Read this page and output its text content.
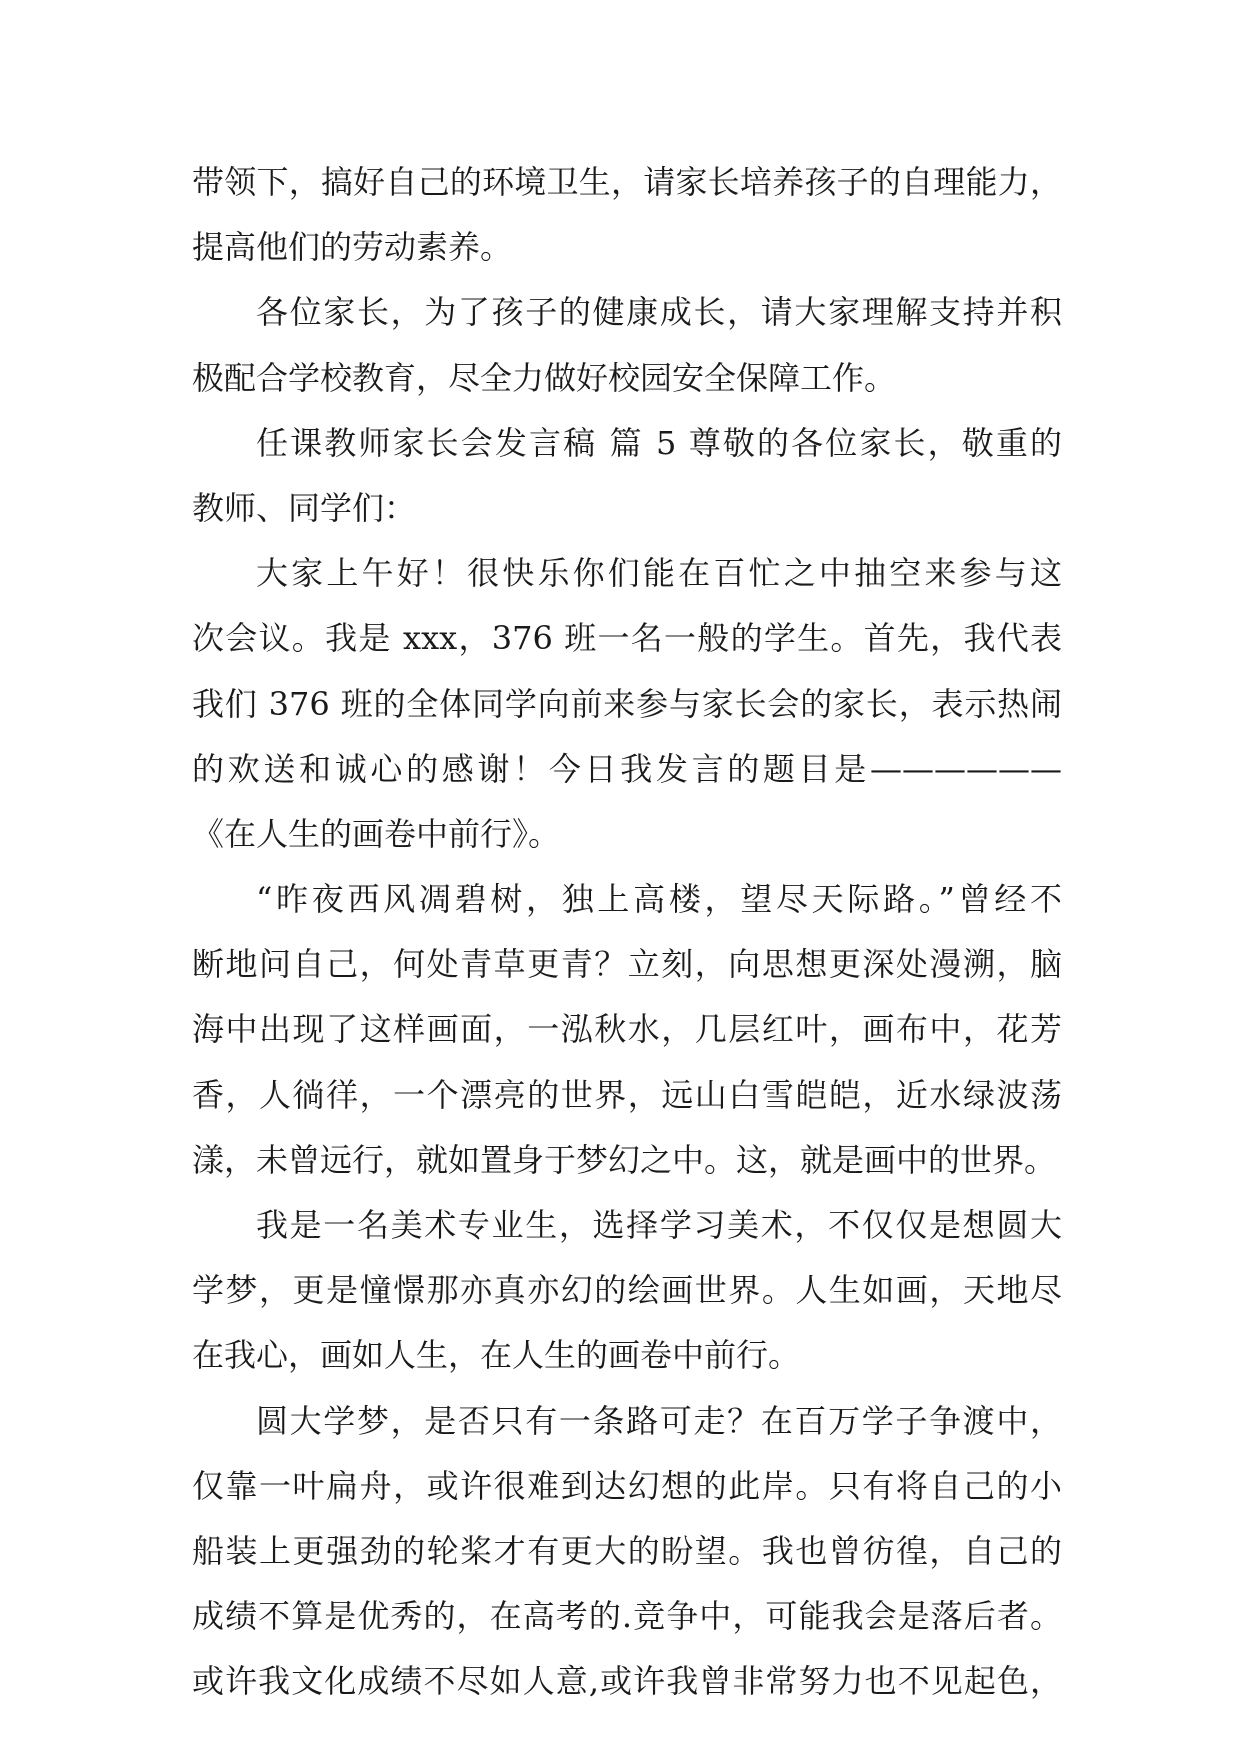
带领下，搞好自己的环境卫生，请家长培养孩子的自理能力，
提高他们的劳动素养。
各位家长，为了孩子的健康成长，请大家理解支持并积
极配合学校教育，尽全力做好校园安全保障工作。
任课教师家长会发言稿 篇 5 尊敬的各位家长，敬重的
教师、同学们：
大家上午好！很快乐你们能在百忙之中抽空来参与这
次会议。我是 xxx，376 班一名一般的学生。首先，我代表
我们 376 班的全体同学向前来参与家长会的家长，表示热闹
的欢送和诚心的感谢！今日我发言的题目是——————
《在人生的画卷中前行》。
“昨夜西风凋碧树，独上高楼，望尽天际路。”曾经不
断地问自己，何处青草更青？立刻，向思想更深处漫溯，脑
海中出现了这样画面，一泓秋水，几层红叶，画布中，花芳
香，人徜徉，一个漂亮的世界，远山白雪皑皑，近水绿波荡
漾，未曾远行，就如置身于梦幻之中。这，就是画中的世界。
我是一名美术专业生，选择学习美术，不仅仅是想圆大
学梦，更是憧憬那亦真亦幻的绘画世界。人生如画，天地尽
在我心，画如人生，在人生的画卷中前行。
圆大学梦，是否只有一条路可走？在百万学子争渡中，
仅靠一叶扁舟，或许很难到达幻想的此岸。只有将自己的小
船装上更强劲的轮桨才有更大的盼望。我也曾彷徨，自己的
成绩不算是优秀的，在高考的.竞争中，可能我会是落后者。
或许我文化成绩不尽如人意,或许我曾非常努力也不见起色，
